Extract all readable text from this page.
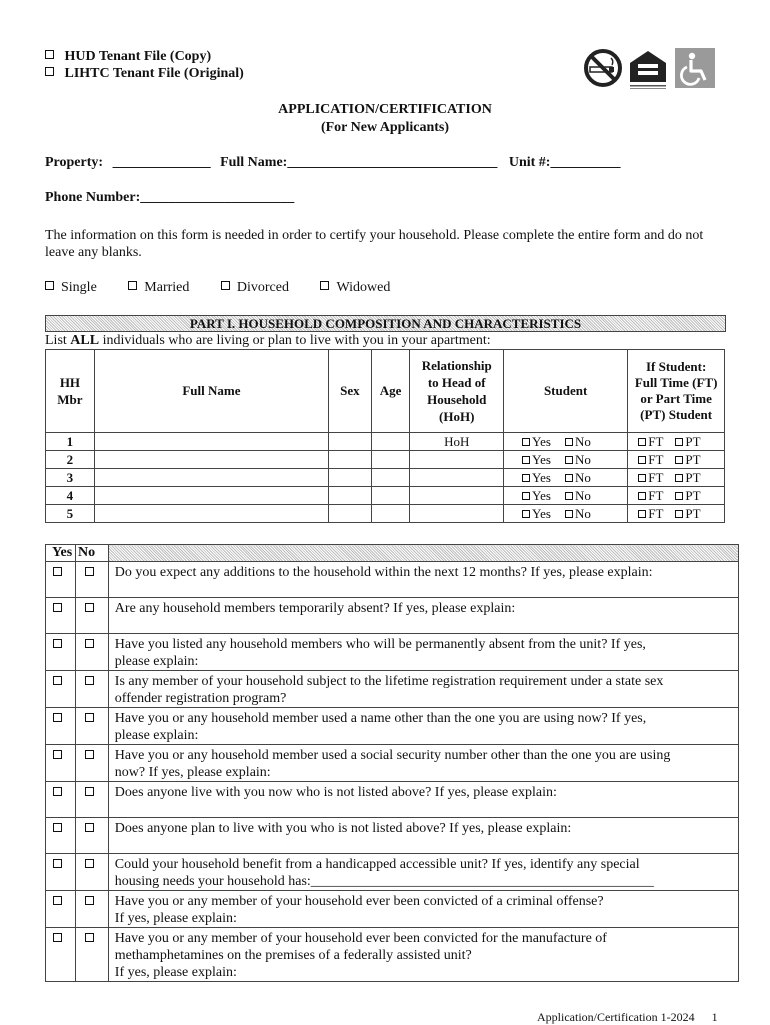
HUD Tenant File (Copy)
LIHTC Tenant File (Original)
APPLICATION/CERTIFICATION
(For New Applicants)
Property: ______________ Full Name:______________________________ Unit #:__________
Phone Number:______________________
The information on this form is needed in order to certify your household. Please complete the entire form and do not leave any blanks.
Single	Married	Divorced	Widowed
PART I. HOUSEHOLD COMPOSITION AND CHARACTERISTICS
List ALL individuals who are living or plan to live with you in your apartment:
HH Mbr	Full Name	Sex	Age	Relationship to Head of Household (HoH)	Student	If Student: Full Time (FT) or Part Time (PT) Student
1				HoH	Yes No	FT PT
2					Yes No	FT PT
3					Yes No	FT PT
4					Yes No	FT PT
5					Yes No	FT PT
Yes	No	

		Do you expect any additions to the household within the next 12 months? If yes, please explain:

		Are any household members temporarily absent? If yes, please explain:

		Have you listed any household members who will be permanently absent from the unit? If yes,
please explain:

		Is any member of your household subject to the lifetime registration requirement under a state sex
offender registration program?

		Have you or any household member used a name other than the one you are using now? If yes,
please explain:

		Have you or any household member used a social security number other than the one you are using
now? If yes, please explain:

		Does anyone live with you now who is not listed above? If yes, please explain:

		Does anyone plan to live with you who is not listed above? If yes, please explain:

		Could your household benefit from a handicapped accessible unit? If yes, identify any special
housing needs your household has:_________________________________________________

		Have you or any member of your household ever been convicted of a criminal offense?
If yes, please explain:

		Have you or any member of your household ever been convicted for the manufacture of
methamphetamines on the premises of a federally assisted unit?
If yes, please explain:
Application/Certification 1-2024 1
